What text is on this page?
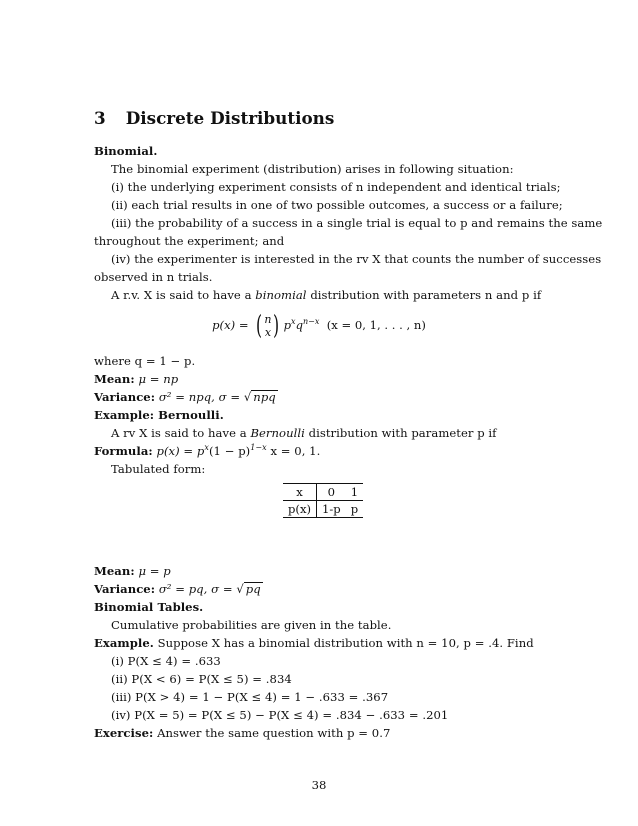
3 Discrete Distributions
Binomial.
The binomial experiment (distribution) arises in following situation:
(i) the underlying experiment consists of n independent and identical trials;
(ii) each trial results in one of two possible outcomes, a success or a failure;
(iii) the probability of a success in a single trial is equal to p and remains the same
throughout the experiment; and
(iv) the experimenter is interested in the rv X that counts the number of successes
observed in n trials.
A r.v. X is said to have a binomial distribution with parameters n and p if
p(x) = ( n
x) $p^xq^{n-x}$ (x = 0, 1, . . . , n)
where q = 1 − p.
Mean: μ = np
Variance: σ² = npq, σ = √ npq
Example: Bernoulli.
A rv X is said to have a Bernoulli distribution with parameter p if
Formula: $p(x) = p^x(1 - p)^{1-x}$ x = 0, 1.
Tabulated form:
x	0	1
p(x)	1-p	p
Mean: μ = p
Variance: σ² = pq, σ = √ pq
Binomial Tables.
Cumulative probabilities are given in the table.
Example. Suppose X has a binomial distribution with n = 10, p = .4. Find
(i) P(X ≤ 4) = .633
(ii) P(X < 6) = P(X ≤ 5) = .834
(iii) P(X > 4) = 1 − P(X ≤ 4) = 1 − .633 = .367
(iv) P(X = 5) = P(X ≤ 5) − P(X ≤ 4) = .834 − .633 = .201
Exercise: Answer the same question with p = 0.7
38
